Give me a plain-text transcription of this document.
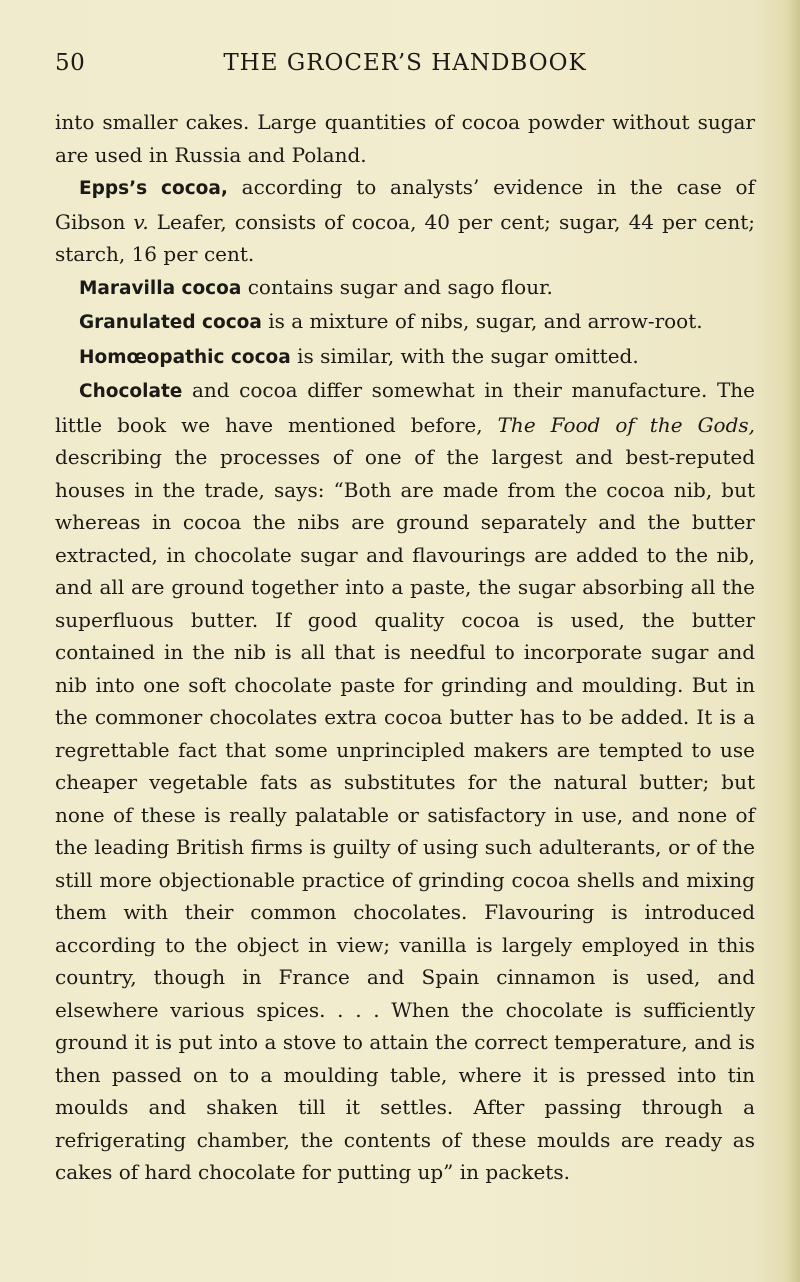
50	THE GROCER’S HANDBOOK

into smaller cakes. Large quantities of cocoa powder without sugar are used in Russia and Poland.

Epps’s cocoa, according to analysts’ evidence in the case of Gibson v. Leafer, consists of cocoa, 40 per cent; sugar, 44 per cent; starch, 16 per cent.

Maravilla cocoa contains sugar and sago flour.

Granulated cocoa is a mixture of nibs, sugar, and arrow-root.

Homœopathic cocoa is similar, with the sugar omitted.

Chocolate and cocoa differ somewhat in their manufacture. The little book we have mentioned before, The Food of the Gods, describing the processes of one of the largest and best-reputed houses in the trade, says: “Both are made from the cocoa nib, but whereas in cocoa the nibs are ground separately and the butter extracted, in chocolate sugar and flavourings are added to the nib, and all are ground together into a paste, the sugar absorbing all the superfluous butter. If good quality cocoa is used, the butter contained in the nib is all that is needful to incorporate sugar and nib into one soft chocolate paste for grinding and moulding. But in the commoner chocolates extra cocoa butter has to be added. It is a regrettable fact that some unprincipled makers are tempted to use cheaper vegetable fats as substitutes for the natural butter; but none of these is really palatable or satisfactory in use, and none of the leading British firms is guilty of using such adulterants, or of the still more objectionable practice of grinding cocoa shells and mixing them with their common chocolates. Flavouring is introduced according to the object in view; vanilla is largely employed in this country, though in France and Spain cinnamon is used, and elsewhere various spices. . . . When the chocolate is sufficiently ground it is put into a stove to attain the correct temperature, and is then passed on to a moulding table, where it is pressed into tin moulds and shaken till it settles. After passing through a refrigerating chamber, the contents of these moulds are ready as cakes of hard chocolate for putting up” in packets.
